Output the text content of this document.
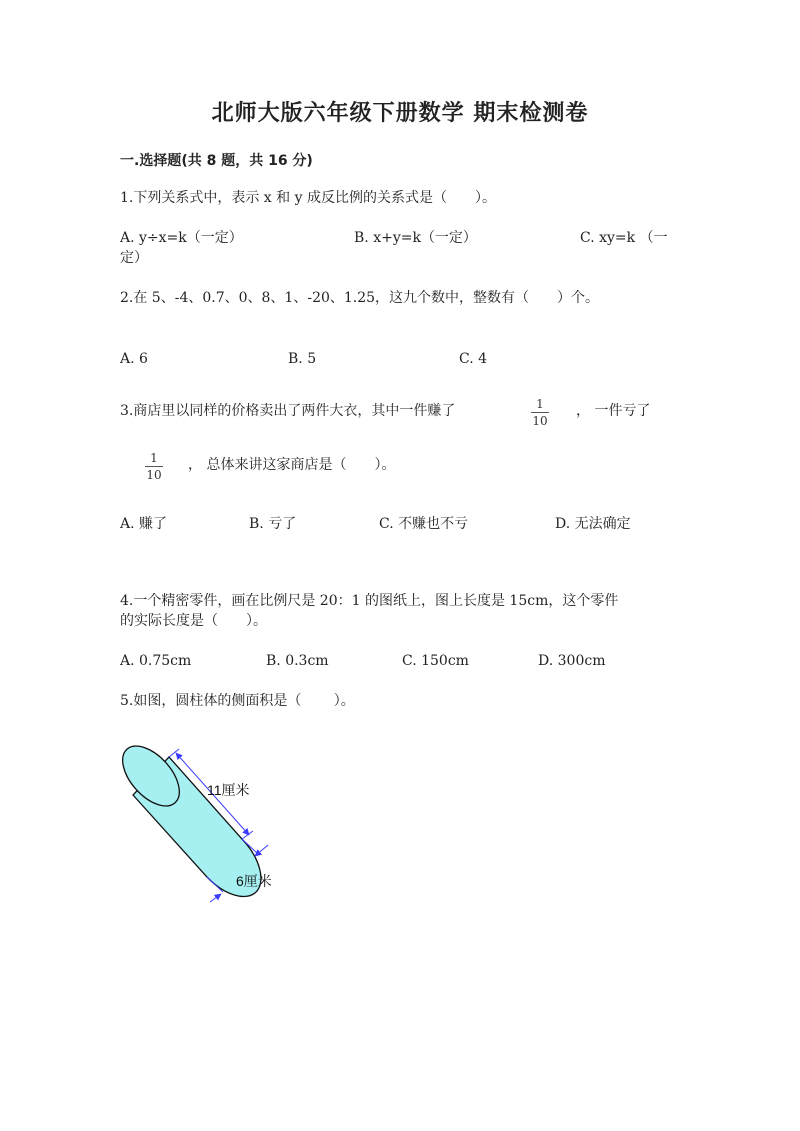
北师大版六年级下册数学 期末检测卷
一.选择题(共 8 题，共 16 分)
1.下列关系式中，表示 x 和 y 成反比例的关系式是（　　）。
A. y÷x=k（一定）	B. x+y=k（一定）	C. xy=k （一
定）
2.在 5、-4、0.7、0、8、1、-20、1.25，这九个数中，整数有（　　）个。
A. 6	B. 5	C. 4
3.商店里以同样的价格卖出了两件大衣，其中一件赚了	1
10
， 一件亏了
1
10
， 总体来讲这家商店是（　　）。
A. 赚了	B. 亏了	C. 不赚也不亏	D. 无法确定
4.一个精密零件，画在比例尺是 20：1 的图纸上，图上长度是 15cm，这个零件
的实际长度是（　　）。
A. 0.75cm	B. 0.3cm	C. 150cm	D. 300cm
5.如图，圆柱体的侧面积是（　　 ）。
11厘米
6厘米
